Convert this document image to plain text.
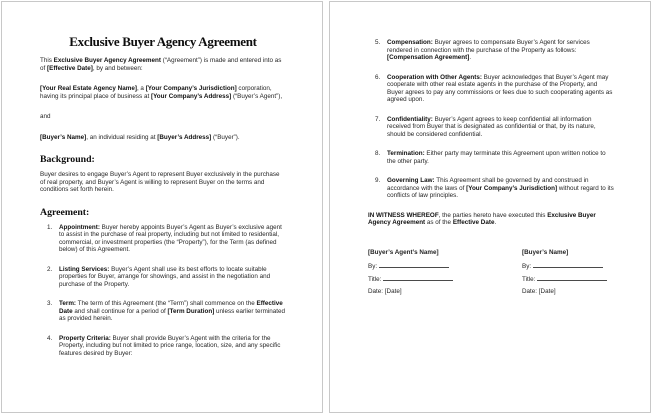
Exclusive Buyer Agency Agreement

This Exclusive Buyer Agency Agreement (“Agreement”) is made and entered into as of [Effective Date], by and between:

[Your Real Estate Agency Name], a [Your Company’s Jurisdiction] corporation, having its principal place of business at [Your Company’s Address] (“Buyer’s Agent”),

and

[Buyer’s Name], an individual residing at [Buyer’s Address] (“Buyer”).

Background:

Buyer desires to engage Buyer’s Agent to represent Buyer exclusively in the purchase of real property, and Buyer’s Agent is willing to represent Buyer on the terms and conditions set forth herein.

Agreement:
1.	Appointment: Buyer hereby appoints Buyer’s Agent as Buyer’s exclusive agent to assist in the purchase of real property, including but not limited to residential, commercial, or investment properties (the “Property”), for the Term (as defined below) of this Agreement.
2.	Listing Services: Buyer’s Agent shall use its best efforts to locate suitable properties for Buyer, arrange for showings, and assist in the negotiation and purchase of the Property.
3.	Term: The term of this Agreement (the “Term”) shall commence on the Effective Date and shall continue for a period of [Term Duration] unless earlier terminated as provided herein.
4.	Property Criteria: Buyer shall provide Buyer’s Agent with the criteria for the Property, including but not limited to price range, location, size, and any specific features desired by Buyer:
5.	Compensation: Buyer agrees to compensate Buyer’s Agent for services rendered in connection with the purchase of the Property as follows: [Compensation Agreement].
6.	Cooperation with Other Agents: Buyer acknowledges that Buyer’s Agent may cooperate with other real estate agents in the purchase of the Property, and Buyer agrees to pay any commissions or fees due to such cooperating agents as agreed upon.
7.	Confidentiality: Buyer’s Agent agrees to keep confidential all information received from Buyer that is designated as confidential or that, by its nature, should be considered confidential.
8.	Termination: Either party may terminate this Agreement upon written notice to the other party.
9.	Governing Law: This Agreement shall be governed by and construed in accordance with the laws of [Your Company’s Jurisdiction] without regard to its conflicts of law principles.

IN WITNESS WHEREOF, the parties hereto have executed this Exclusive Buyer Agency Agreement as of the Effective Date.

[Buyer’s Agent’s Name]
By:
Title:
Date: [Date]
[Buyer’s Name]
By:
Title:
Date: [Date]
